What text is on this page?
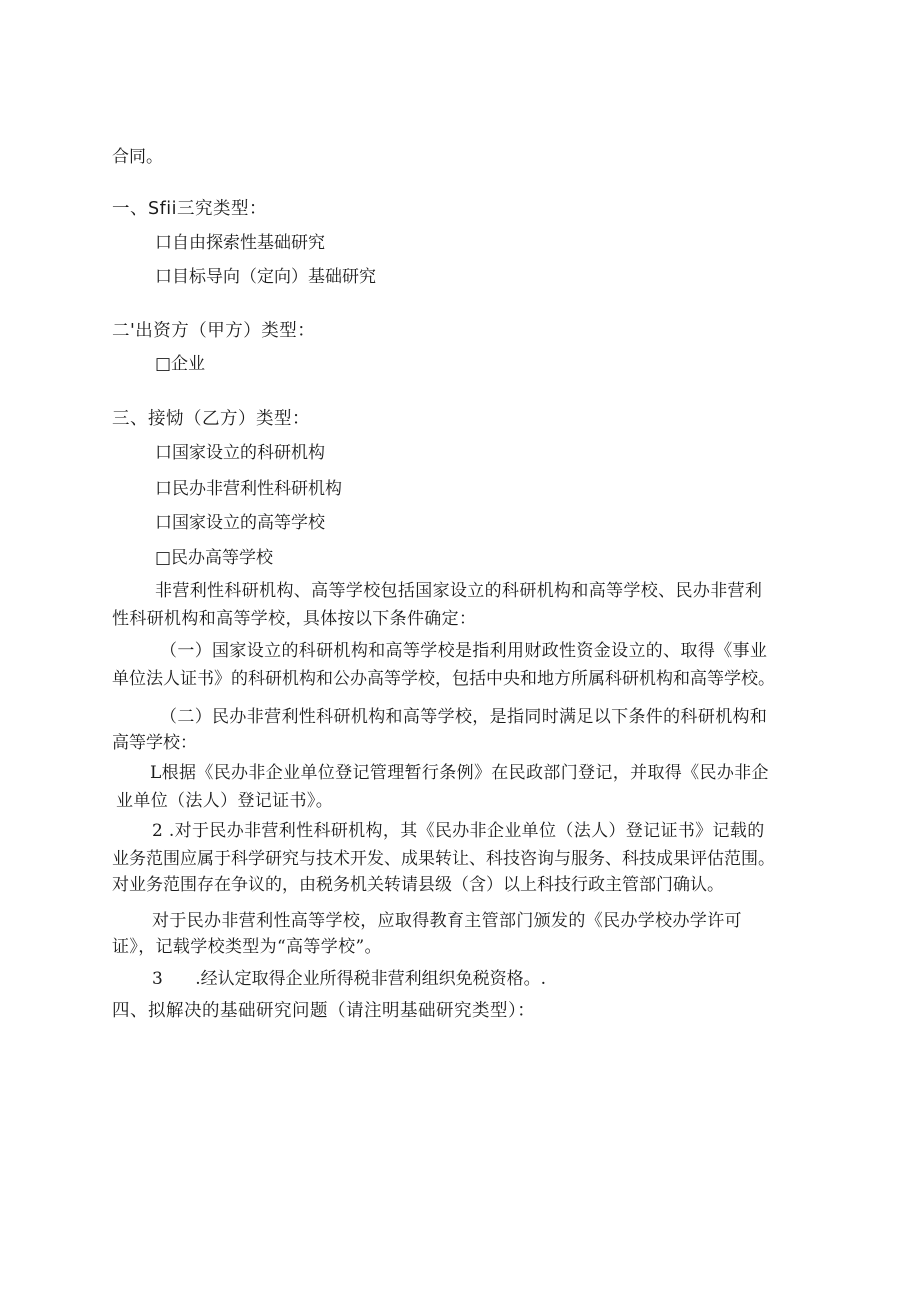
合同。
一、Sfii三究类型：
口自由探索性基础研究
口目标导向（定向）基础研究
二'出资方（甲方）类型：
□企业
三、接恸（乙方）类型：
口国家设立的科研机构
口民办非营利性科研机构
口国家设立的高等学校
□民办高等学校
非营利性科研机构、高等学校包括国家设立的科研机构和高等学校、民办非营利
性科研机构和高等学校，具体按以下条件确定：
（一）国家设立的科研机构和高等学校是指利用财政性资金设立的、取得《事业
单位法人证书》的科研机构和公办高等学校，包括中央和地方所属科研机构和高等学校。
（二）民办非营利性科研机构和高等学校，是指同时满足以下条件的科研机构和
高等学校：
L根据《民办非企业单位登记管理暂行条例》在民政部门登记，并取得《民办非企
业单位（法人）登记证书》。
2 .对于民办非营利性科研机构，其《民办非企业单位（法人）登记证书》记载的
业务范围应属于科学研究与技术开发、成果转让、科技咨询与服务、科技成果评估范围。
对业务范围存在争议的，由税务机关转请县级（含）以上科技行政主管部门确认。
对于民办非营利性高等学校，应取得教育主管部门颁发的《民办学校办学许可
证》，记载学校类型为“高等学校”。
3      .经认定取得企业所得税非营利组织免税资格。.
四、拟解决的基础研究问题（请注明基础研究类型）：
